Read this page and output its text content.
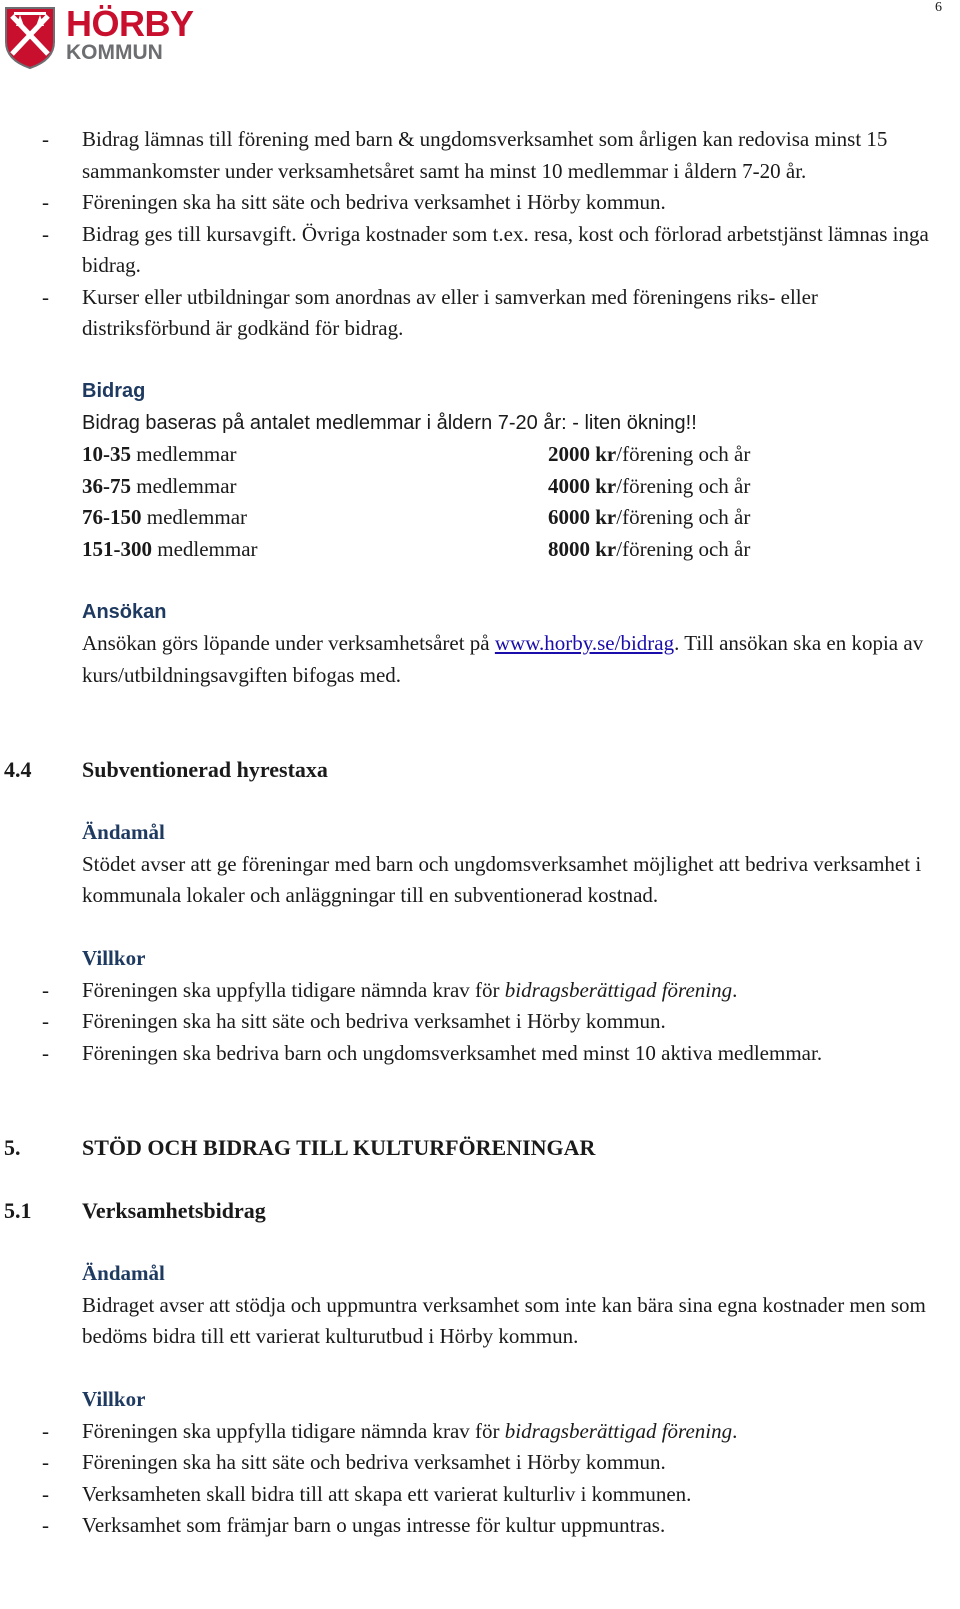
6
HÖRBY
KOMMUN
- Bidrag lämnas till förening med barn & ungdomsverksamhet som årligen kan redovisa minst 15 sammankomster under verksamhetsåret samt ha minst 10 medlemmar i åldern 7-20 år.
- Föreningen ska ha sitt säte och bedriva verksamhet i Hörby kommun.
- Bidrag ges till kursavgift. Övriga kostnader som t.ex. resa, kost och förlorad arbetstjänst lämnas inga bidrag.
- Kurser eller utbildningar som anordnas av eller i samverkan med föreningens riks- eller distriksförbund är godkänd för bidrag.
Bidrag
Bidrag baseras på antalet medlemmar i åldern 7-20 år: - liten ökning!!
10-35 medlemmar	2000 kr/förening och år
36-75 medlemmar	4000 kr/förening och år
76-150 medlemmar	6000 kr/förening och år
151-300 medlemmar	8000 kr/förening och år
Ansökan
Ansökan görs löpande under verksamhetsåret på www.horby.se/bidrag. Till ansökan ska en kopia av kurs/utbildningsavgiften bifogas med.
4.4 Subventionerad hyrestaxa
Ändamål
Stödet avser att ge föreningar med barn och ungdomsverksamhet möjlighet att bedriva verksamhet i kommunala lokaler och anläggningar till en subventionerad kostnad.
Villkor
- Föreningen ska uppfylla tidigare nämnda krav för bidragsberättigad förening.
- Föreningen ska ha sitt säte och bedriva verksamhet i Hörby kommun.
- Föreningen ska bedriva barn och ungdomsverksamhet med minst 10 aktiva medlemmar.
5.	STÖD OCH BIDRAG TILL KULTURFÖRENINGAR
5.1 Verksamhetsbidrag
Ändamål
Bidraget avser att stödja och uppmuntra verksamhet som inte kan bära sina egna kostnader men som bedöms bidra till ett varierat kulturutbud i Hörby kommun.
Villkor
- Föreningen ska uppfylla tidigare nämnda krav för bidragsberättigad förening.
- Föreningen ska ha sitt säte och bedriva verksamhet i Hörby kommun.
- Verksamheten skall bidra till att skapa ett varierat kulturliv i kommunen.
- Verksamhet som främjar barn o ungas intresse för kultur uppmuntras.
